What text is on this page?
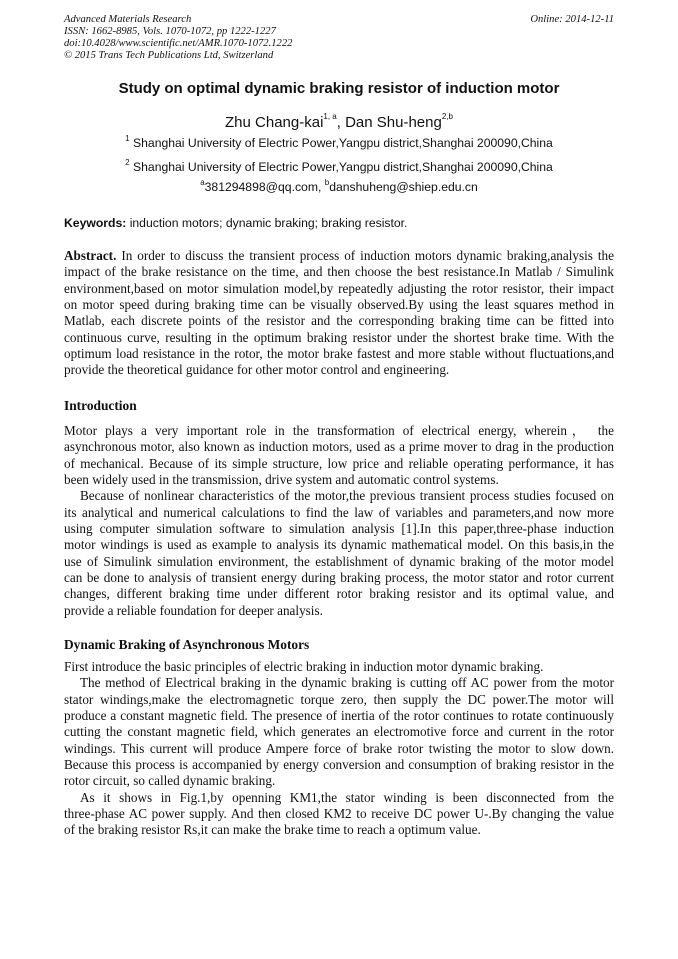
Advanced Materials Research
ISSN: 1662-8985, Vols. 1070-1072, pp 1222-1227
doi:10.4028/www.scientific.net/AMR.1070-1072.1222
© 2015 Trans Tech Publications Ltd, Switzerland
Online: 2014-12-11
Study on optimal dynamic braking resistor of induction motor
Zhu Chang-kai$^{1, a}$, Dan Shu-heng$^{2,b}$
$^1$ Shanghai University of Electric Power,Yangpu district,Shanghai 200090,China
$^2$ Shanghai University of Electric Power,Yangpu district,Shanghai 200090,China
$^a$381294898@qq.com, $^b$danshuheng@shiep.edu.cn
Keywords: induction motors; dynamic braking; braking resistor.
Abstract. In order to discuss the transient process of induction motors dynamic braking,analysis the
impact of the brake resistance on the time, and then choose the best resistance.In Matlab / Simulink
environment,based on motor simulation model,by repeatedly adjusting the rotor resistor, their impact
on motor speed during braking time can be visually observed.By using the least squares method in
Matlab, each discrete points of the resistor and the corresponding braking time can be fitted into
continuous curve, resulting in the optimum braking resistor under the shortest brake time. With the
optimum load resistance in the rotor, the motor brake fastest and more stable without fluctuations,and
provide the theoretical guidance for other motor control and engineering.
Introduction
Motor plays a very important role in the transformation of electrical energy, wherein， the
asynchronous motor, also known as induction motors, used as a prime mover to drag in the production
of mechanical. Because of its simple structure, low price and reliable operating performance, it has
been widely used in the transmission, drive system and automatic control systems.
Because of nonlinear characteristics of the motor,the previous transient process studies focused on
its analytical and numerical calculations to find the law of variables and parameters,and now more
using computer simulation software to simulation analysis [1].In this paper,three-phase induction
motor windings is used as example to analysis its dynamic mathematical model. On this basis,in the
use of Simulink simulation environment, the establishment of dynamic braking of the motor model
can be done to analysis of transient energy during braking process, the motor stator and rotor current
changes, different braking time under different rotor braking resistor and its optimal value, and
provide a reliable foundation for deeper analysis.
Dynamic Braking of Asynchronous Motors
First introduce the basic principles of electric braking in induction motor dynamic braking.
The method of Electrical braking in the dynamic braking is cutting off AC power from the motor
stator windings,make the electromagnetic torque zero, then supply the DC power.The motor will
produce a constant magnetic field. The presence of inertia of the rotor continues to rotate continuously
cutting the constant magnetic field, which generates an electromotive force and current in the rotor
windings. This current will produce Ampere force of brake rotor twisting the motor to slow down.
Because this process is accompanied by energy conversion and consumption of braking resistor in the
rotor circuit, so called dynamic braking.
As it shows in Fig.1,by openning KM1,the stator winding is been disconnected from the
three-phase AC power supply. And then closed KM2 to receive DC power U-.By changing the value
of the braking resistor Rs,it can make the brake time to reach a optimum value.
